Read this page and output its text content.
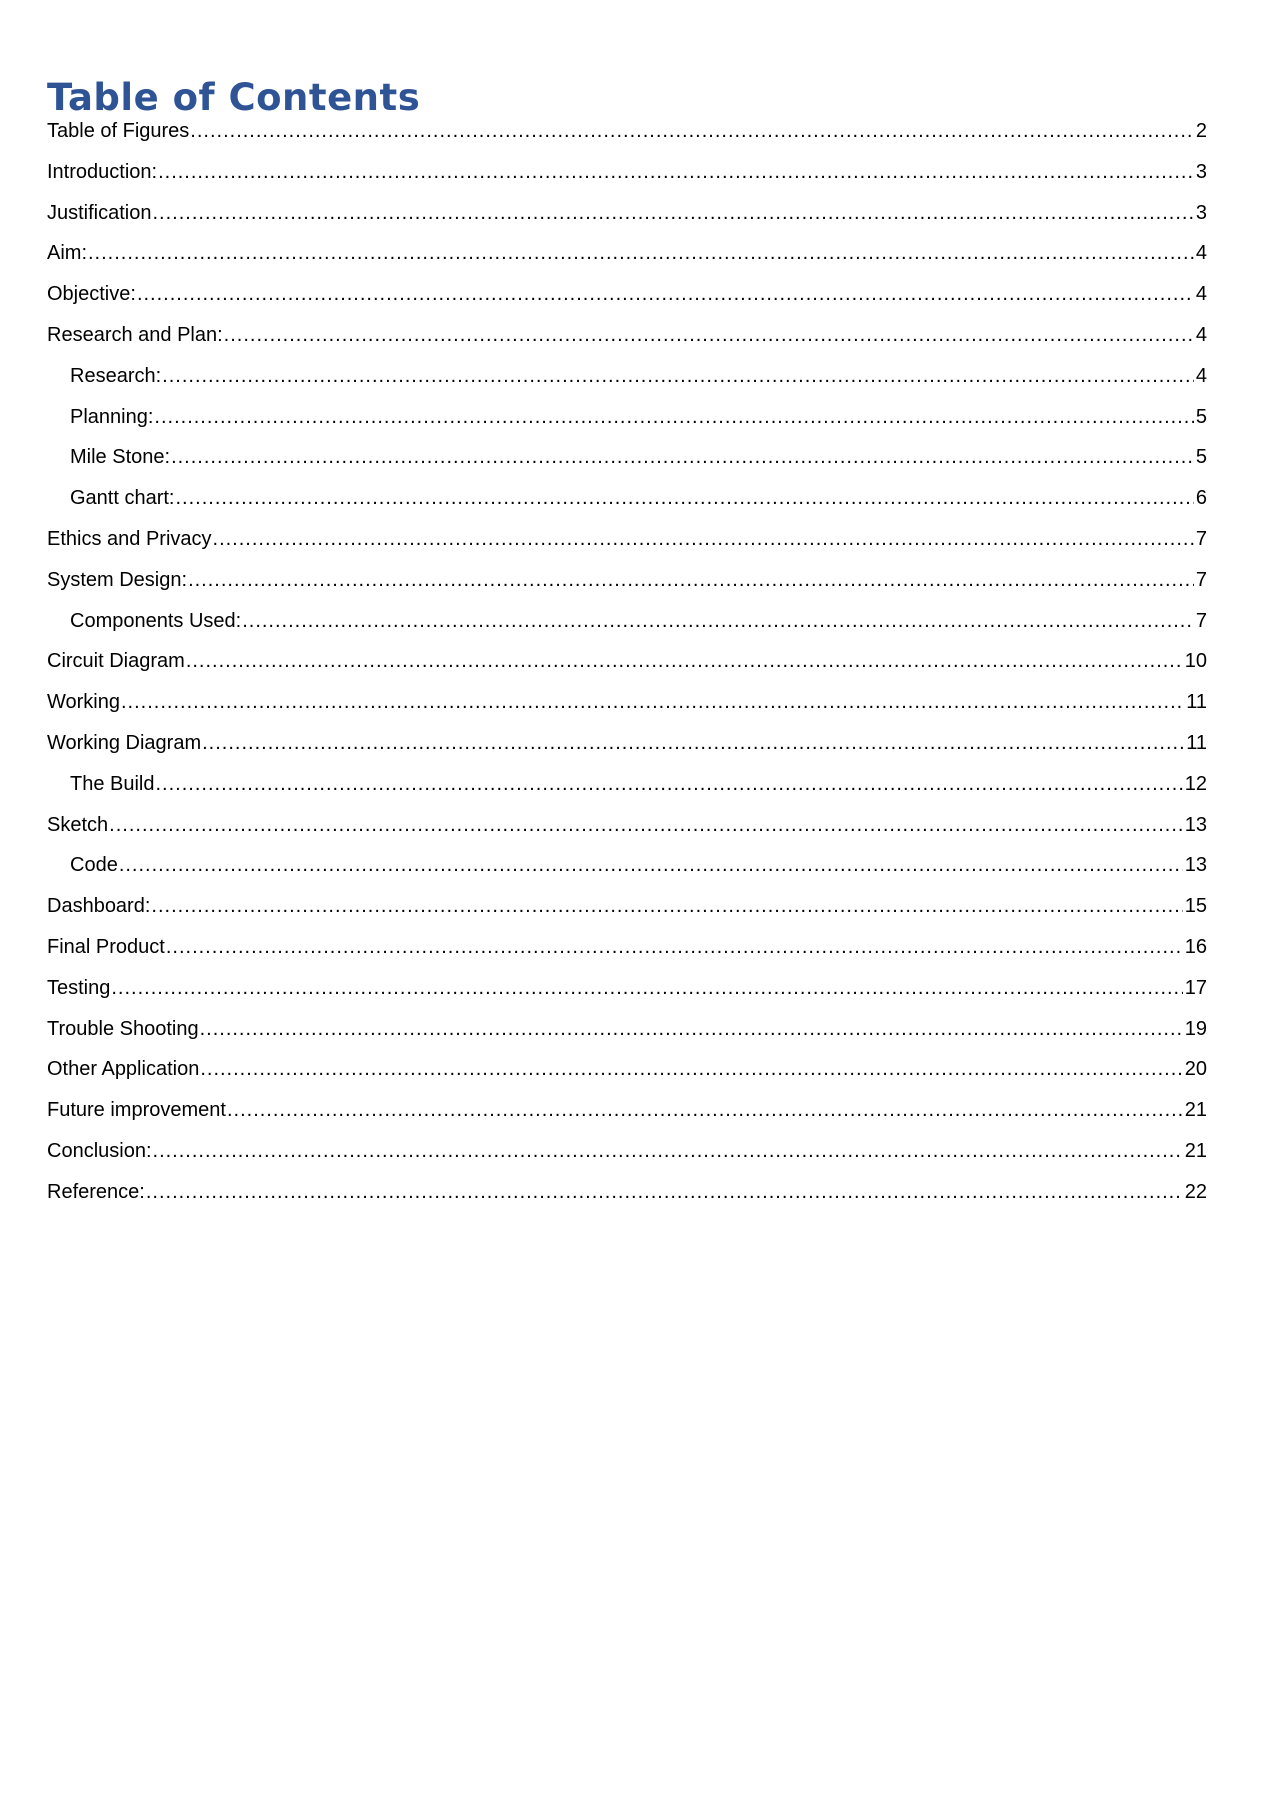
Table of Contents
Table of Figures .....	2
Introduction: .....	3
Justification .....	3
Aim: .....	4
Objective: .....	4
Research and Plan: .....	4
Research: .....	4
Planning: .....	5
Mile Stone: .....	5
Gantt chart: .....	6
Ethics and Privacy .....	7
System Design: .....	7
Components Used: .....	7
Circuit Diagram .....	10
Working .....	11
Working Diagram .....	11
The Build .....	12
Sketch .....	13
Code .....	13
Dashboard: .....	15
Final Product .....	16
Testing .....	17
Trouble Shooting .....	19
Other Application .....	20
Future improvement .....	21
Conclusion: .....	21
Reference: .....	22
